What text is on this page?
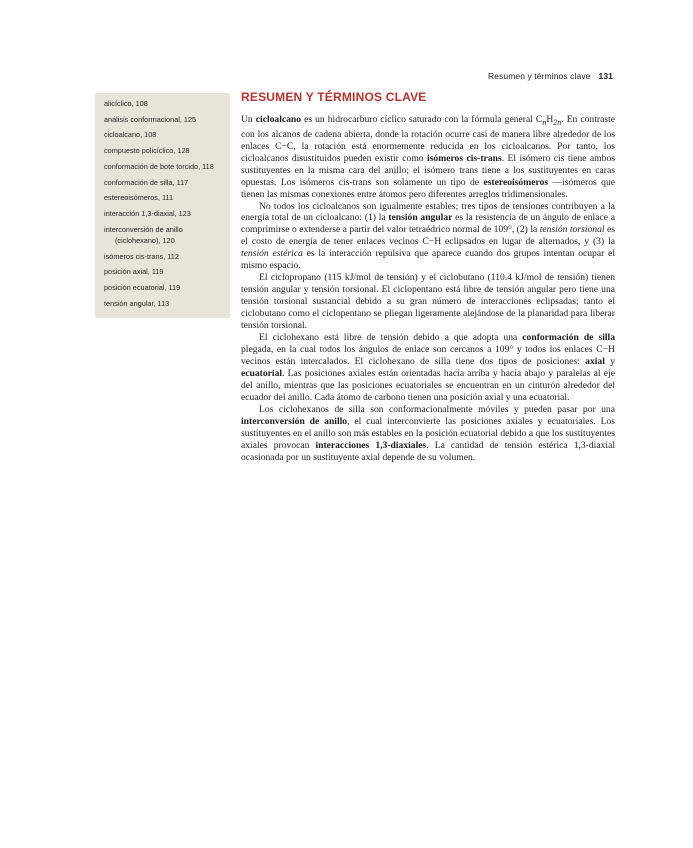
Resumen y términos clave 131
alicíclico, 108
análisis conformacional, 125
cicloalcano, 108
compuesto policíclico, 128
conformación de bote torcido, 118
conformación de silla, 117
estereoisómeros, 111
interacción 1,3-diaxial, 123
interconversión de anillo (ciclohexano), 120
isómeros cis-trans, 112
posición axial, 119
posición ecuatorial, 119
tensión angular, 113
RESUMEN Y TÉRMINOS CLAVE

Un cicloalcano es un hidrocarburo cíclico saturado con la fórmula general $C_nH_{2n}$. En contraste con los alcanos de cadena abierta, donde la rotación ocurre casi de manera libre alrededor de los enlaces C−C, la rotación está enormemente reducida en los cicloalcanos. Por tanto, los cicloalcanos disustituidos pueden existir como isómeros cis-trans. El isómero cis tiene ambos sustituyentes en la misma cara del anillo; el isómero trans tiene a los sustituyentes en caras opuestas. Los isómeros cis-trans son solamente un tipo de estereoisómeros —isómeros que tienen las mismas conexiones entre átomos pero diferentes arreglos tridimensionales.

No todos los cicloalcanos son igualmente estables; tres tipos de tensiones contribuyen a la energía total de un cicloalcano: (1) la tensión angular es la resistencia de un ángulo de enlace a comprimirse o extenderse a partir del valor tetraédrico normal de 109°, (2) la tensión torsional es el costo de energía de tener enlaces vecinos C−H eclipsados en lugar de alternados, y (3) la tensión estérica es la interacción repulsiva que aparece cuando dos grupos intentan ocupar el mismo espacio.

El ciclopropano (115 kJ/mol de tensión) y el ciclobutano (110.4 kJ/mol de tensión) tienen tensión angular y tensión torsional. El ciclopentano está libre de tensión angular pero tiene una tensión torsional sustancial debido a su gran número de interacciones eclipsadas; tanto el ciclobutano como el ciclopentano se pliegan ligeramente alejándose de la planaridad para liberar tensión torsional.

El ciclohexano está libre de tensión debido a que adopta una conformación de silla plegada, en la cual todos los ángulos de enlace son cercanos a 109° y todos los enlaces C−H vecinos están intercalados. El ciclohexano de silla tiene dos tipos de posiciones: axial y ecuatorial. Las posiciones axiales están orientadas hacia arriba y hacia abajo y paralelas al eje del anillo, mientras que las posiciones ecuatoriales se encuentran en un cinturón alrededor del ecuador del anillo. Cada átomo de carbono tienen una posición axial y una ecuatorial.

Los ciclohexanos de silla son conformacionalmente móviles y pueden pasar por una interconversión de anillo, el cual interconvierte las posiciones axiales y ecuatoriales. Los sustituyentes en el anillo son más estables en la posición ecuatorial debido a que los sustituyentes axiales provocan interacciones 1,3-diaxiales. La cantidad de tensión estérica 1,3-diaxial ocasionada por un sustituyente axial depende de su volumen.
